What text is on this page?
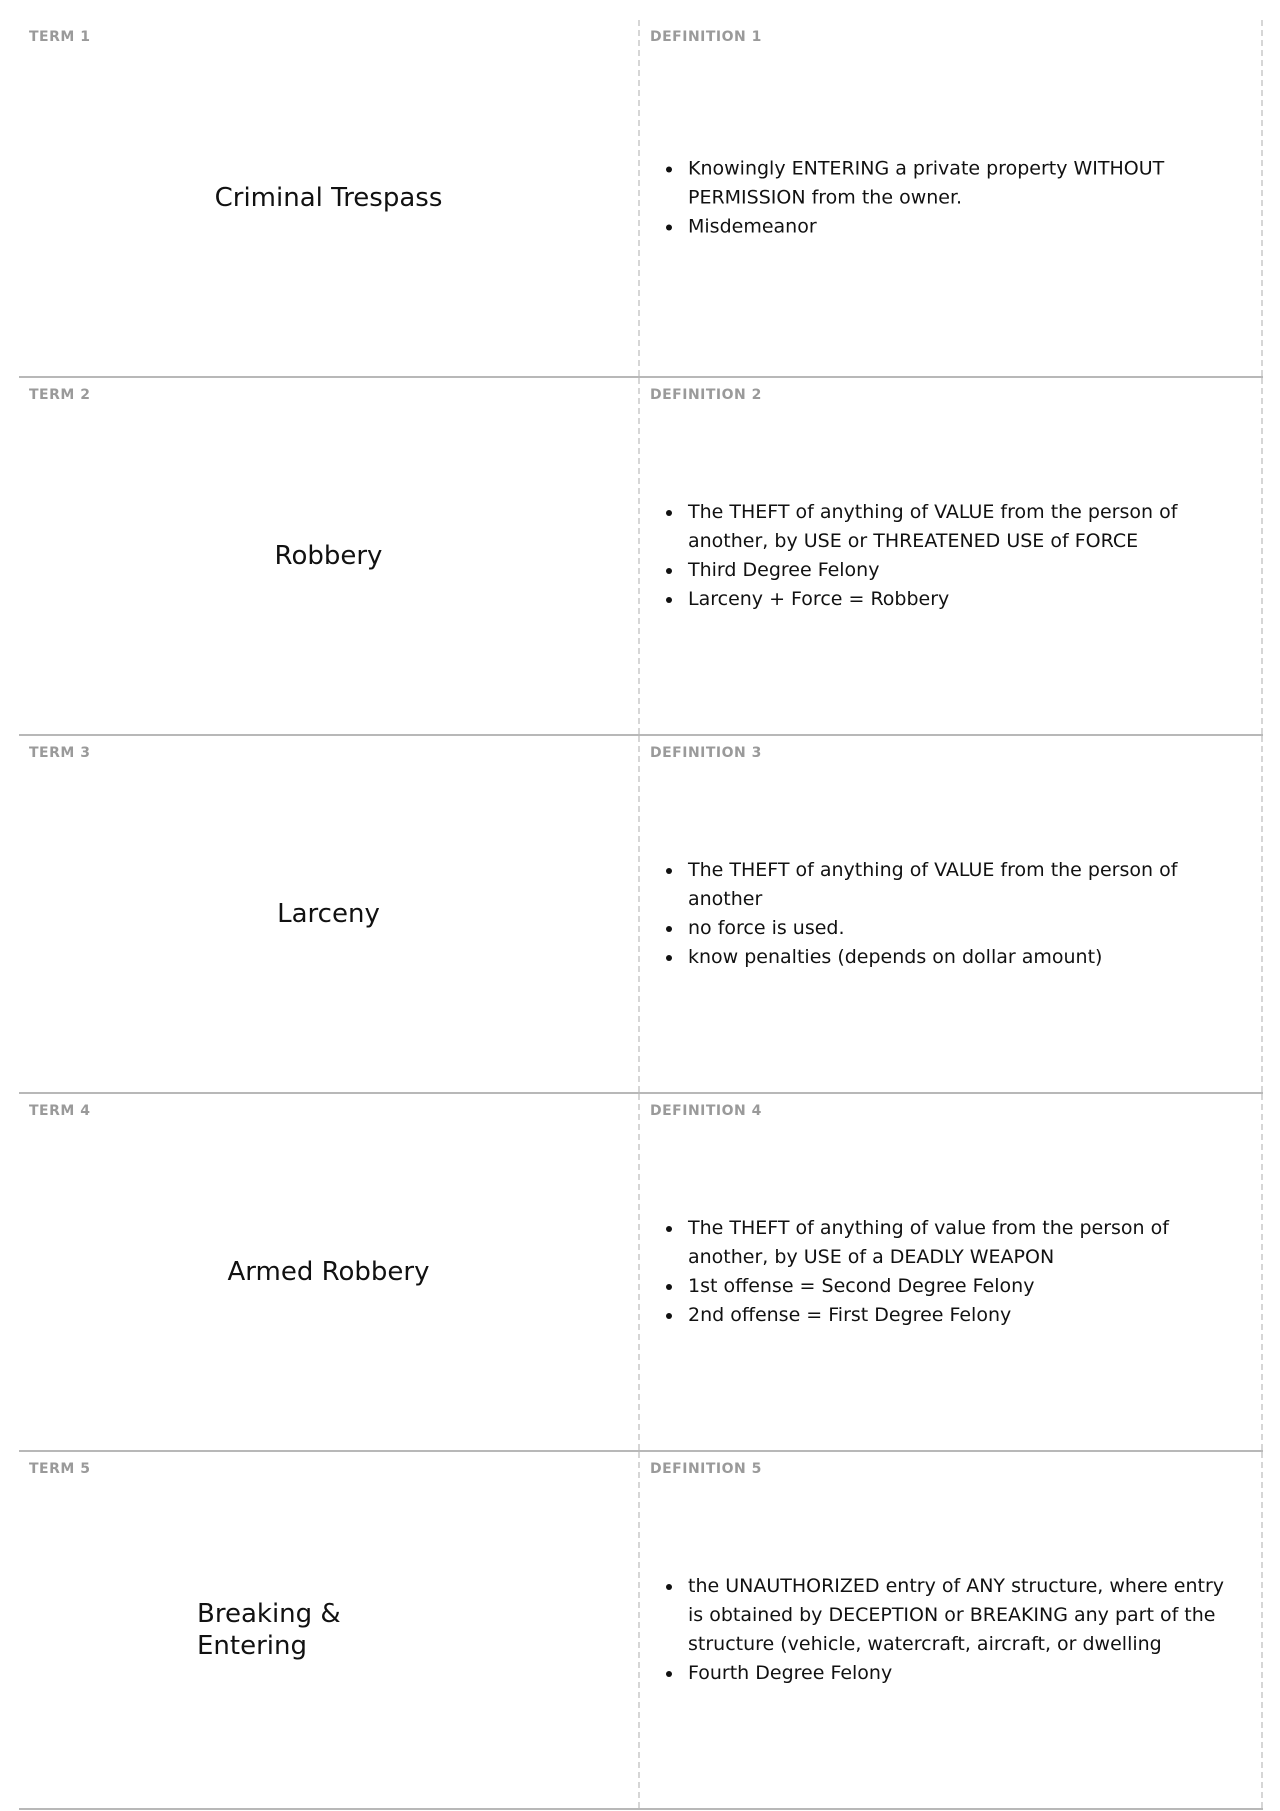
TERM 1
Criminal Trespass
DEFINITION 1
• Knowingly ENTERING a private property WITHOUT PERMISSION from the owner.
• Misdemeanor
TERM 2
Robbery
DEFINITION 2
• The THEFT of anything of VALUE from the person of another, by USE or THREATENED USE of FORCE
• Third Degree Felony
• Larceny + Force = Robbery
TERM 3
Larceny
DEFINITION 3
• The THEFT of anything of VALUE from the person of another
• no force is used.
• know penalties (depends on dollar amount)
TERM 4
Armed Robbery
DEFINITION 4
• The THEFT of anything of value from the person of another, by USE of a DEADLY WEAPON
• 1st offense = Second Degree Felony
• 2nd offense = First Degree Felony
TERM 5
Breaking & Entering
DEFINITION 5
• the UNAUTHORIZED entry of ANY structure, where entry is obtained by DECEPTION or BREAKING any part of the structure (vehicle, watercraft, aircraft, or dwelling
• Fourth Degree Felony
